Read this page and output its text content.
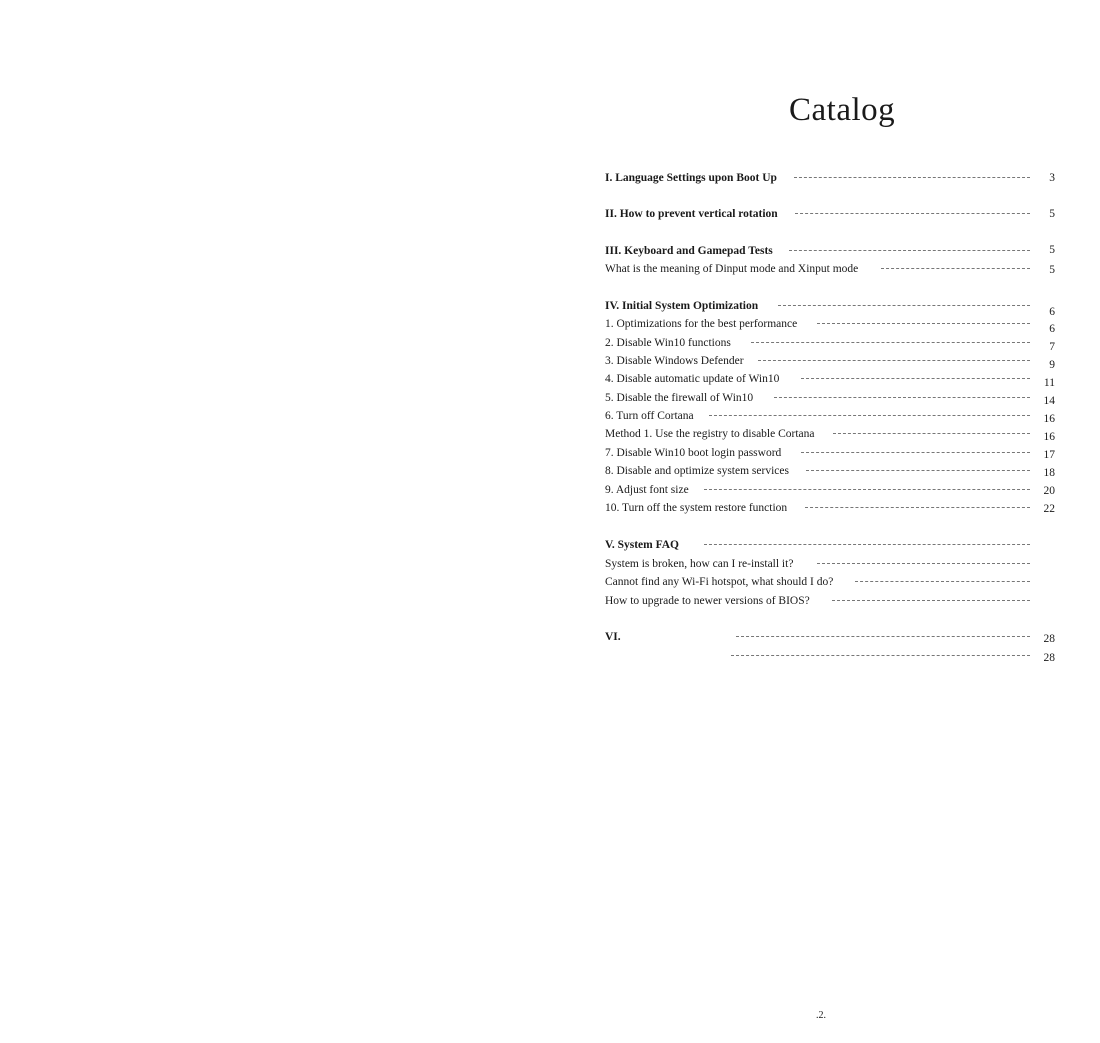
Catalog
I. Language Settings upon Boot Up
II. How to prevent vertical rotation
III. Keyboard and Gamepad Tests
What is the meaning of Dinput mode and Xinput mode
IV. Initial System Optimization
1. Optimizations for the best performance
2. Disable Win10 functions
3. Disable Windows Defender
4. Disable automatic update of Win10
5. Disable the firewall of Win10
6. Turn off Cortana
Method 1. Use the registry to disable Cortana
7. Disable Win10 boot login password
8. Disable and optimize system services
9. Adjust font size
10. Turn off the system restore function
V. System FAQ
System is broken, how can I re-install it?
Cannot find any Wi-Fi hotspot, what should I do?
How to upgrade to newer versions of BIOS?
VI.
3
5
5
5
6
6
7
9
11
14
16
16
17
18
20
22
28
28
.2.
